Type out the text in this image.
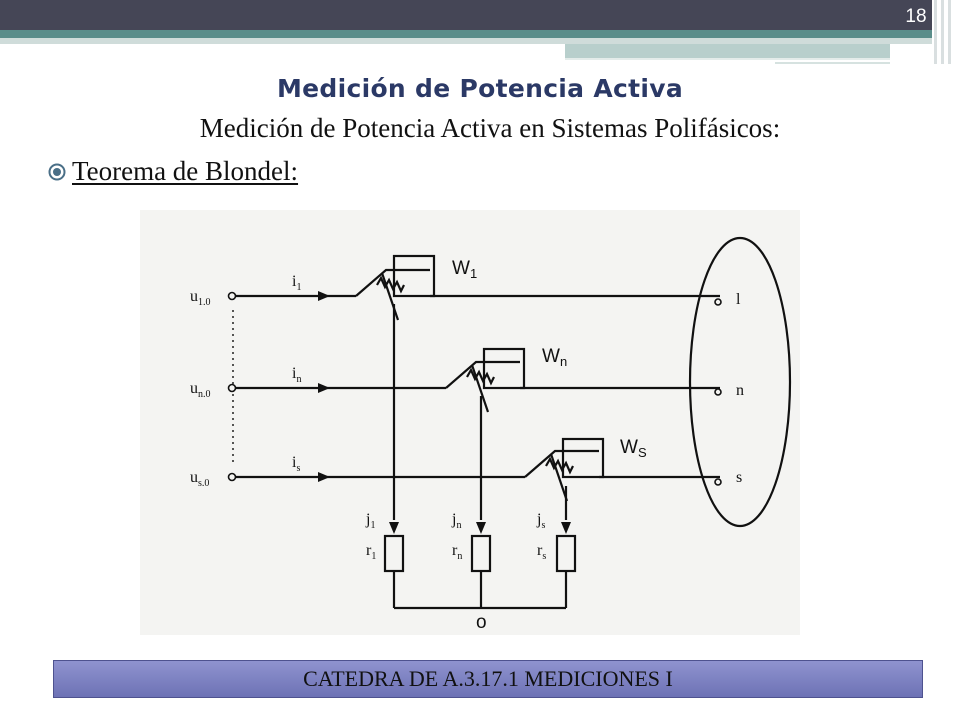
18
Medición de Potencia Activa
Medición de Potencia Activa en Sistemas Polifásicos:
Teorema de Blondel:
$W_1$
$W_n$
$W_S$
o
$u_{1.0}$
$u_{n.0}$
$u_{s.0}$
$i_1$
$i_n$
$i_s$
l
n
s
$j_1$	$j_n$	$j_s$
$r_1$	$r_n$	$r_s$
CATEDRA DE A.3.17.1 MEDICIONES I
